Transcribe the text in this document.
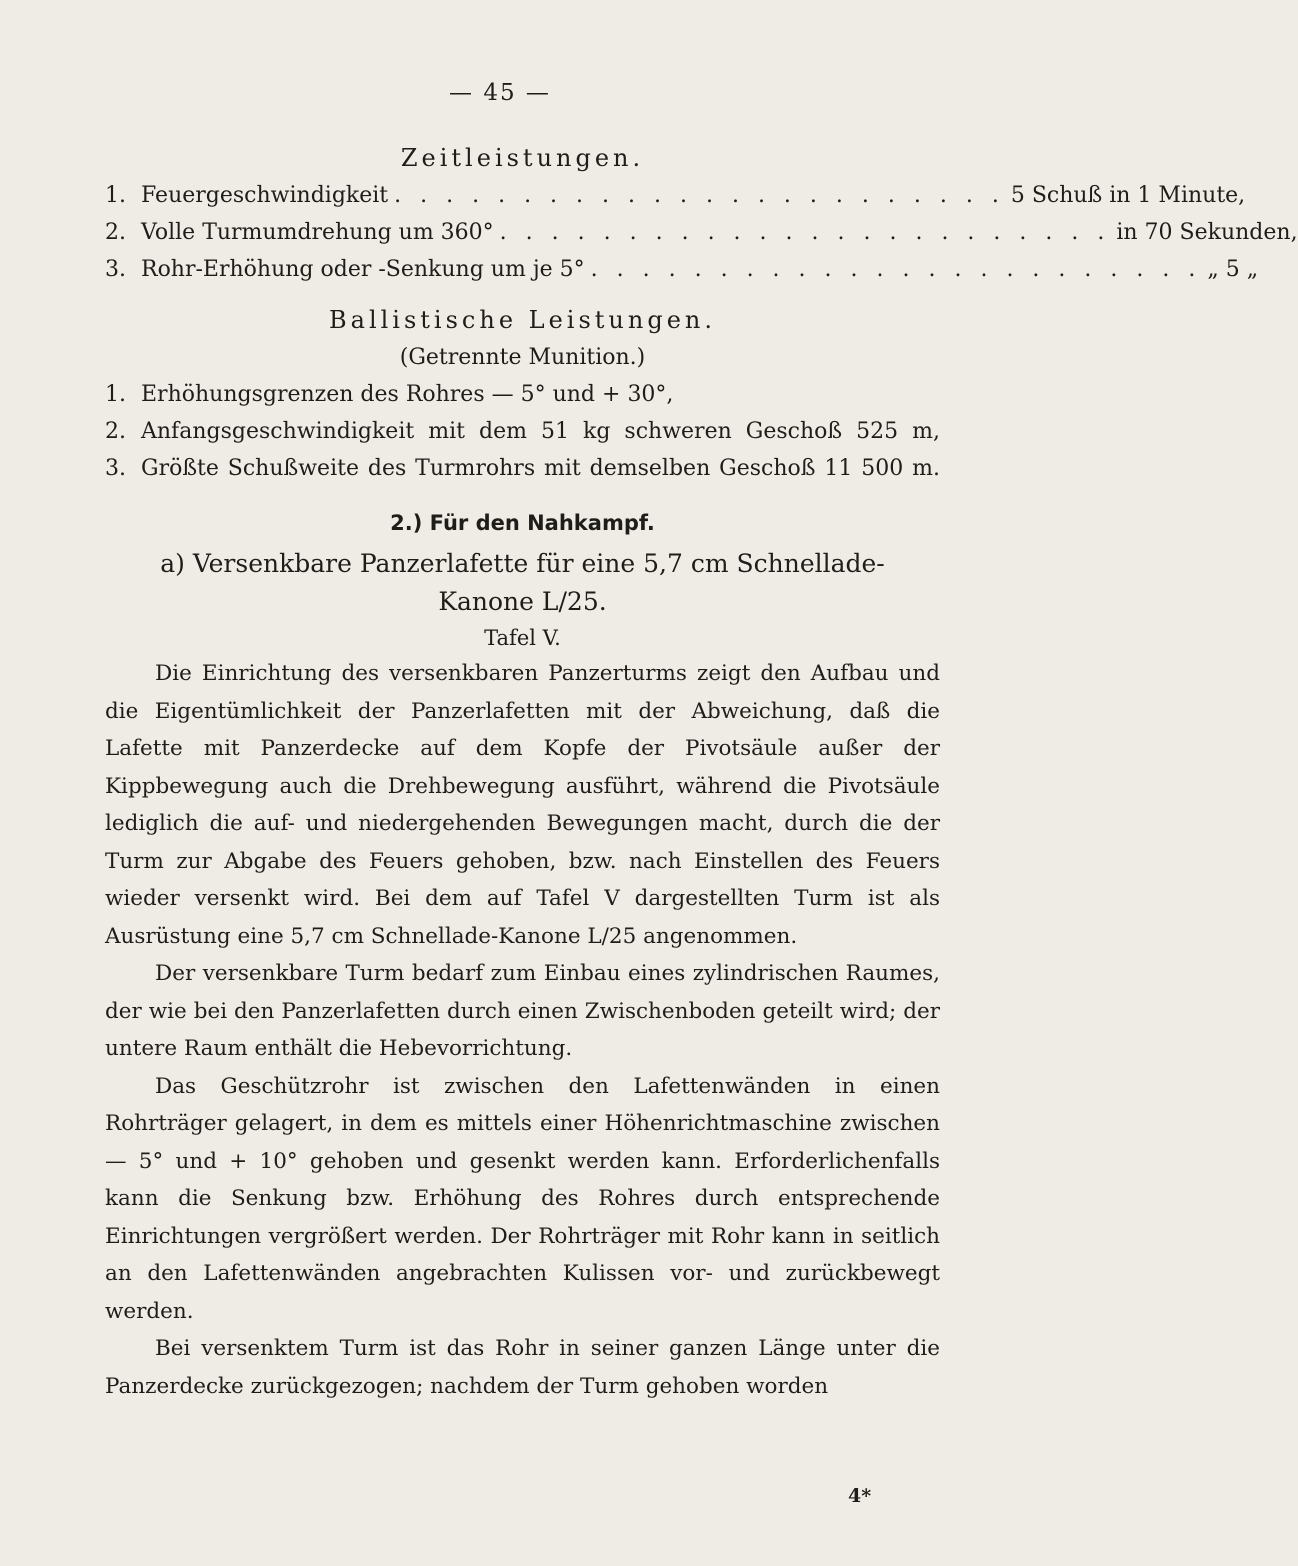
— 45 —
Zeitleistungen.
1. Feuergeschwindigkeit . . . . . . . . . . . . . . . . . . . . . . . . 5 Schuß in 1 Minute,
2. Volle Turmumdrehung um 360° . . . . . . . . . . . . . . . . . . . . . . . . in 70 Sekunden,
3. Rohr-Erhöhung oder -Senkung um je 5° . . . . . . . . . . . . . . . . . . . . . . . . „ 5 „
Ballistische Leistungen.
(Getrennte Munition.)
1. Erhöhungsgrenzen des Rohres — 5° und + 30°,
2. Anfangsgeschwindigkeit mit dem 51 kg schweren Geschoß 525 m,
3. Größte Schußweite des Turmrohrs mit demselben Geschoß 11 500 m.
2.) Für den Nahkampf.
a) Versenkbare Panzerlafette für eine 5,7 cm Schnellade-
Kanone L/25.
Tafel V.

Die Einrichtung des versenkbaren Panzerturms zeigt den Aufbau und die Eigentümlichkeit der Panzerlafetten mit der Abweichung, daß die Lafette mit Panzerdecke auf dem Kopfe der Pivotsäule außer der Kippbewegung auch die Drehbewegung ausführt, während die Pivotsäule lediglich die auf- und niedergehenden Bewegungen macht, durch die der Turm zur Abgabe des Feuers gehoben, bzw. nach Einstellen des Feuers wieder versenkt wird. Bei dem auf Tafel V dargestellten Turm ist als Ausrüstung eine 5,7 cm Schnellade-Kanone L/25 angenommen.

Der versenkbare Turm bedarf zum Einbau eines zylindrischen Raumes, der wie bei den Panzerlafetten durch einen Zwischenboden geteilt wird; der untere Raum enthält die Hebevorrichtung.

Das Geschützrohr ist zwischen den Lafettenwänden in einen Rohrträger gelagert, in dem es mittels einer Höhenrichtmaschine zwischen — 5° und + 10° gehoben und gesenkt werden kann. Erforderlichenfalls kann die Senkung bzw. Erhöhung des Rohres durch entsprechende Einrichtungen vergrößert werden. Der Rohrträger mit Rohr kann in seitlich an den Lafettenwänden angebrachten Kulissen vor- und zurückbewegt werden.

Bei versenktem Turm ist das Rohr in seiner ganzen Länge unter die Panzerdecke zurückgezogen; nachdem der Turm gehoben worden

4*
